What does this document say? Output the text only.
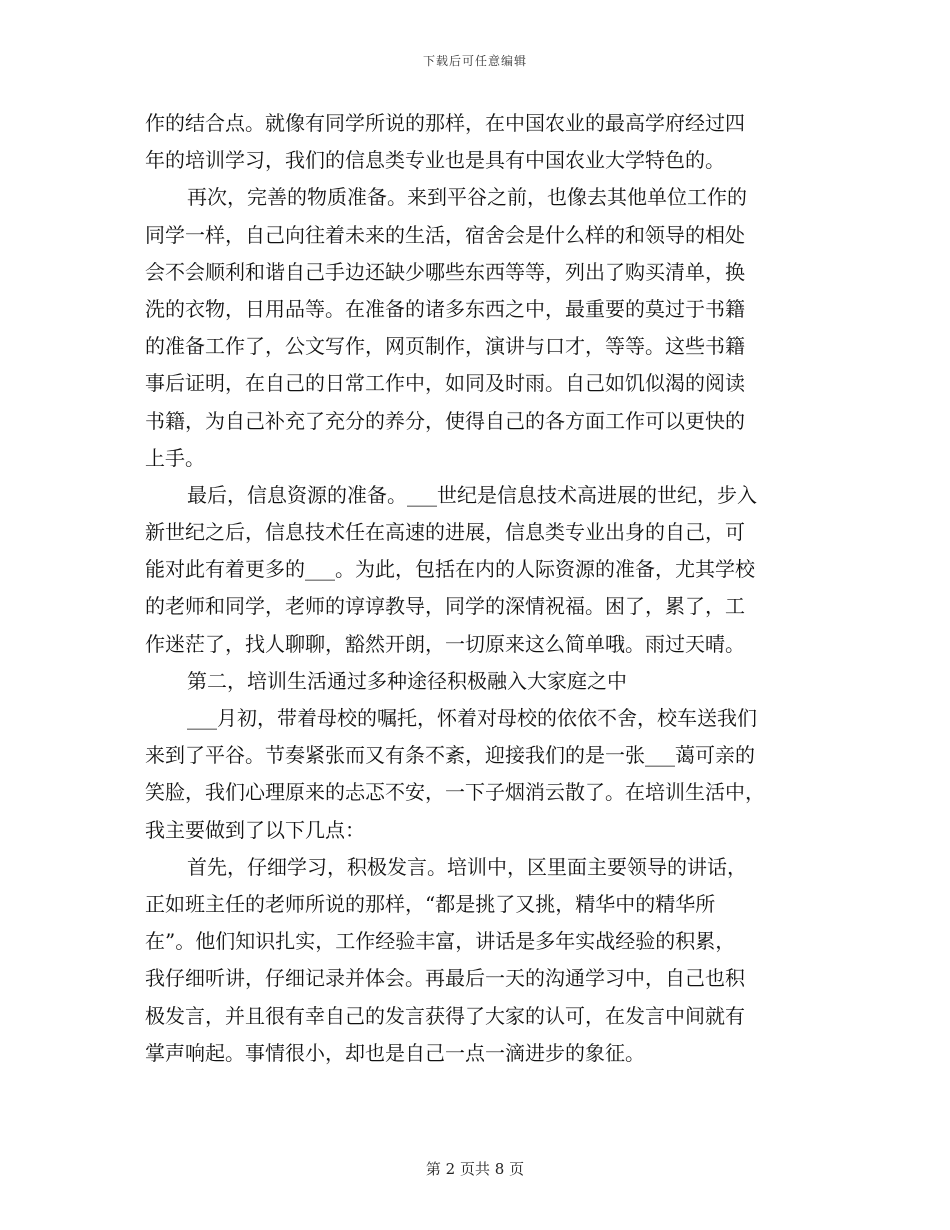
下载后可任意编辑
作的结合点。就像有同学所说的那样，在中国农业的最高学府经过四
年的培训学习，我们的信息类专业也是具有中国农业大学特色的。
再次，完善的物质准备。来到平谷之前，也像去其他单位工作的
同学一样，自己向往着未来的生活，宿舍会是什么样的和领导的相处
会不会顺利和谐自己手边还缺少哪些东西等等，列出了购买清单，换
洗的衣物，日用品等。在准备的诸多东西之中，最重要的莫过于书籍
的准备工作了，公文写作，网页制作，演讲与口才，等等。这些书籍
事后证明，在自己的日常工作中，如同及时雨。自己如饥似渴的阅读
书籍，为自己补充了充分的养分，使得自己的各方面工作可以更快的
上手。
最后，信息资源的准备。___世纪是信息技术高进展的世纪，步入
新世纪之后，信息技术任在高速的进展，信息类专业出身的自己，可
能对此有着更多的___。为此，包括在内的人际资源的准备，尤其学校
的老师和同学，老师的谆谆教导，同学的深情祝福。困了，累了，工
作迷茫了，找人聊聊，豁然开朗，一切原来这么简单哦。雨过天晴。
第二，培训生活通过多种途径积极融入大家庭之中
___月初，带着母校的嘱托，怀着对母校的依依不舍，校车送我们
来到了平谷。节奏紧张而又有条不紊，迎接我们的是一张___蔼可亲的
笑脸，我们心理原来的忐忑不安，一下子烟消云散了。在培训生活中，
我主要做到了以下几点：
首先，仔细学习，积极发言。培训中，区里面主要领导的讲话，
正如班主任的老师所说的那样，“都是挑了又挑，精华中的精华所
在”。他们知识扎实，工作经验丰富，讲话是多年实战经验的积累，
我仔细听讲，仔细记录并体会。再最后一天的沟通学习中，自己也积
极发言，并且很有幸自己的发言获得了大家的认可，在发言中间就有
掌声响起。事情很小，却也是自己一点一滴进步的象征。
第 2 页共 8 页
